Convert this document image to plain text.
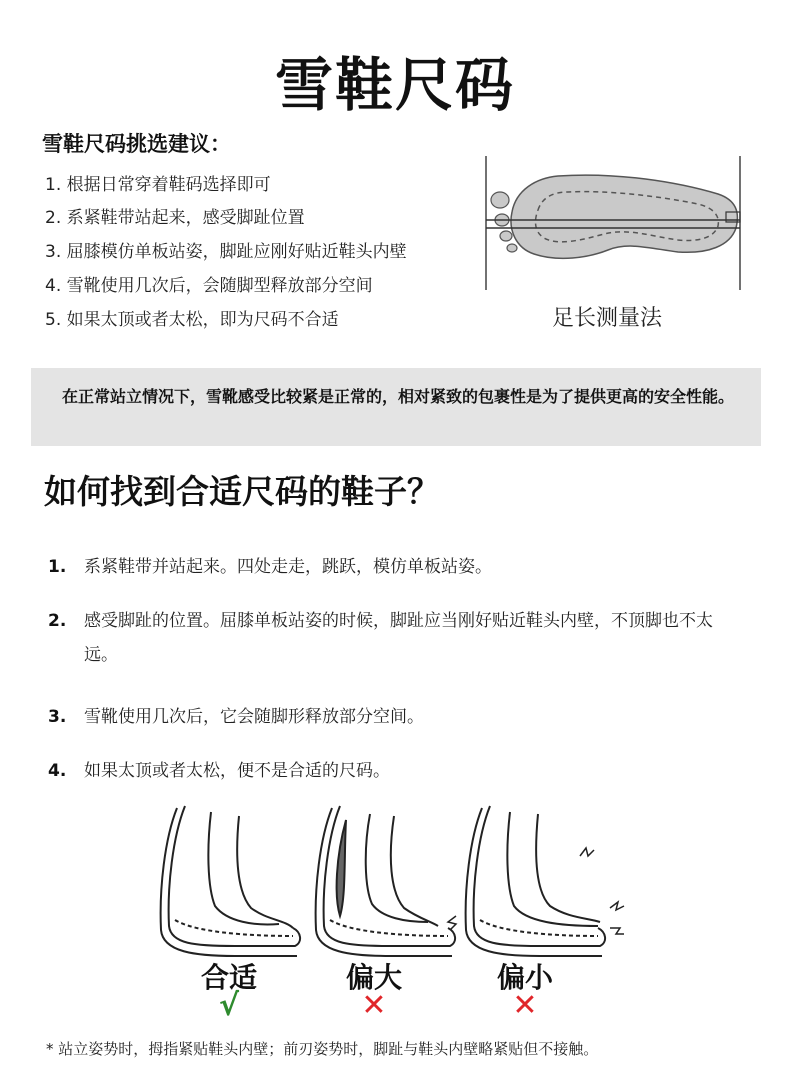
雪鞋尺码
雪鞋尺码挑选建议：
1. 根据日常穿着鞋码选择即可
2. 系紧鞋带站起来，感受脚趾位置
3. 屈膝模仿单板站姿，脚趾应刚好贴近鞋头内壁
4. 雪靴使用几次后，会随脚型释放部分空间
5. 如果太顶或者太松，即为尺码不合适	足长测量法
在正常站立情况下，雪靴感受比较紧是正常的，相对紧致的包裹性是为了提供更高的安全性能。
如何找到合适尺码的鞋子？
1.	系紧鞋带并站起来。四处走走，跳跃，模仿单板站姿。
2.	感受脚趾的位置。屈膝单板站姿的时候，脚趾应当刚好贴近鞋头内壁，不顶脚也不太远。
3.	雪靴使用几次后，它会随脚形释放部分空间。
4.	如果太顶或者太松，便不是合适的尺码。
合适	偏大	偏小
√	✕	✕
* 站立姿势时，拇指紧贴鞋头内壁；前刃姿势时，脚趾与鞋头内壁略紧贴但不接触。
